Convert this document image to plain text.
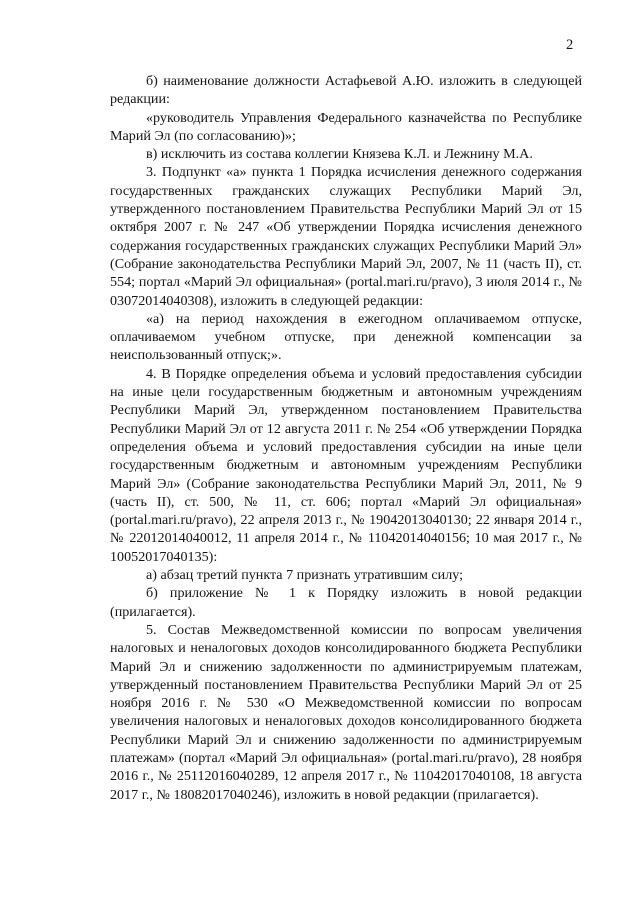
2

б) наименование должности Астафьевой А.Ю. изложить в следующей редакции:

«руководитель Управления Федерального казначейства по Республике Марий Эл (по согласованию)»;

в) исключить из состава коллегии Князева К.Л. и Лежнину М.А.

3. Подпункт «а» пункта 1 Порядка исчисления денежного содержания государственных гражданских служащих Республики Марий Эл, утвержденного постановлением Правительства Республики Марий Эл от 15 октября 2007 г. № 247 «Об утверждении Порядка исчисления денежного содержания государственных гражданских служащих Республики Марий Эл» (Собрание законодательства Республики Марий Эл, 2007, № 11 (часть II), ст. 554; портал «Марий Эл официальная» (portal.mari.ru/pravo), 3 июля 2014 г., № 03072014040308), изложить в следующей редакции:

«а) на период нахождения в ежегодном оплачиваемом отпуске, оплачиваемом учебном отпуске, при денежной компенсации за неиспользованный отпуск;».

4. В Порядке определения объема и условий предоставления субсидии на иные цели государственным бюджетным и автономным учреждениям Республики Марий Эл, утвержденном постановлением Правительства Республики Марий Эл от 12 августа 2011 г. № 254 «Об утверждении Порядка определения объема и условий предоставления субсидии на иные цели государственным бюджетным и автономным учреждениям Республики Марий Эл» (Собрание законодательства Республики Марий Эл, 2011, № 9 (часть II), ст. 500, № 11, ст. 606; портал «Марий Эл официальная» (portal.mari.ru/pravo), 22 апреля 2013 г., № 19042013040130; 22 января 2014 г., № 22012014040012, 11 апреля 2014 г., № 11042014040156; 10 мая 2017 г., № 10052017040135):

а) абзац третий пункта 7 признать утратившим силу;

б) приложение № 1 к Порядку изложить в новой редакции (прилагается).

5. Состав Межведомственной комиссии по вопросам увеличения налоговых и неналоговых доходов консолидированного бюджета Республики Марий Эл и снижению задолженности по администрируемым платежам, утвержденный постановлением Правительства Республики Марий Эл от 25 ноября 2016 г. № 530 «О Межведомственной комиссии по вопросам увеличения налоговых и неналоговых доходов консолидированного бюджета Республики Марий Эл и снижению задолженности по администрируемым платежам» (портал «Марий Эл официальная» (portal.mari.ru/pravo), 28 ноября 2016 г., № 25112016040289, 12 апреля 2017 г., № 11042017040108, 18 августа 2017 г., № 18082017040246), изложить в новой редакции (прилагается).
